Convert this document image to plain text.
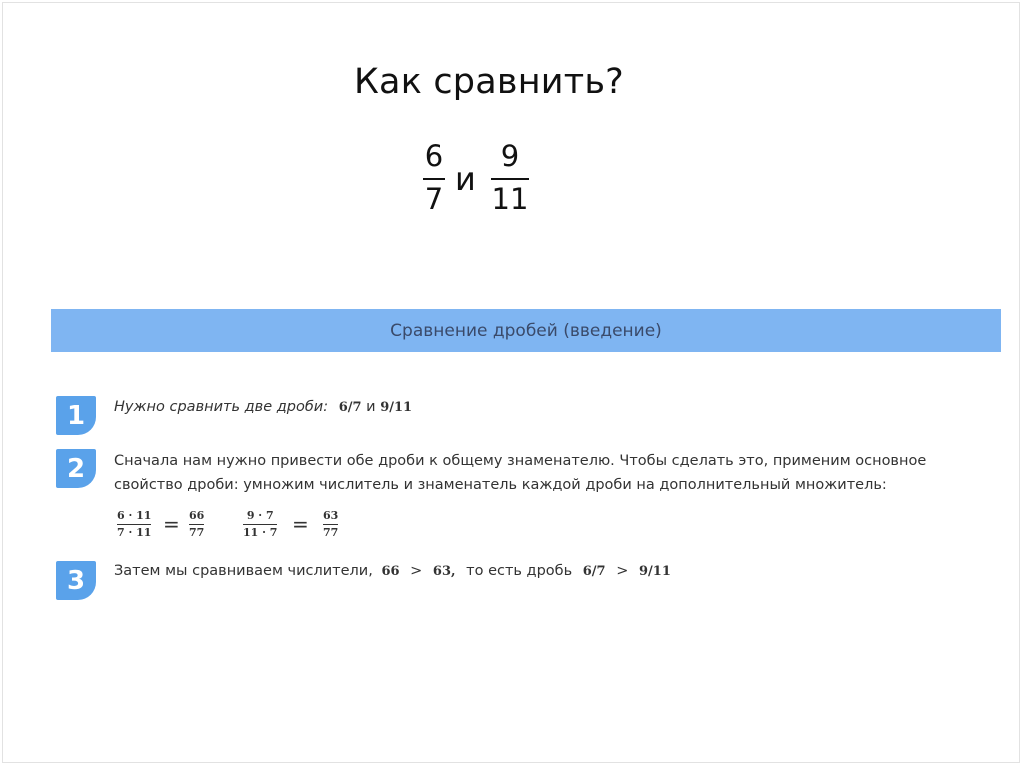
Как сравнить?
6
7
и
9
11
Сравнение дробей (введение)
1 Нужно сравнить две дроби: 6/7 и 9/11
2 Сначала нам нужно привести обе дроби к общему знаменателю. Чтобы сделать это, применим основное
свойство дроби: умножим числитель и знаменатель каждой дроби на дополнительный множитель:
6 · 11
7 · 11 = 66
77
9 · 7
11 · 7 = 63
77
3 Затем мы сравниваем числители, 66 > 63, то есть дробь 6/7 > 9/11
